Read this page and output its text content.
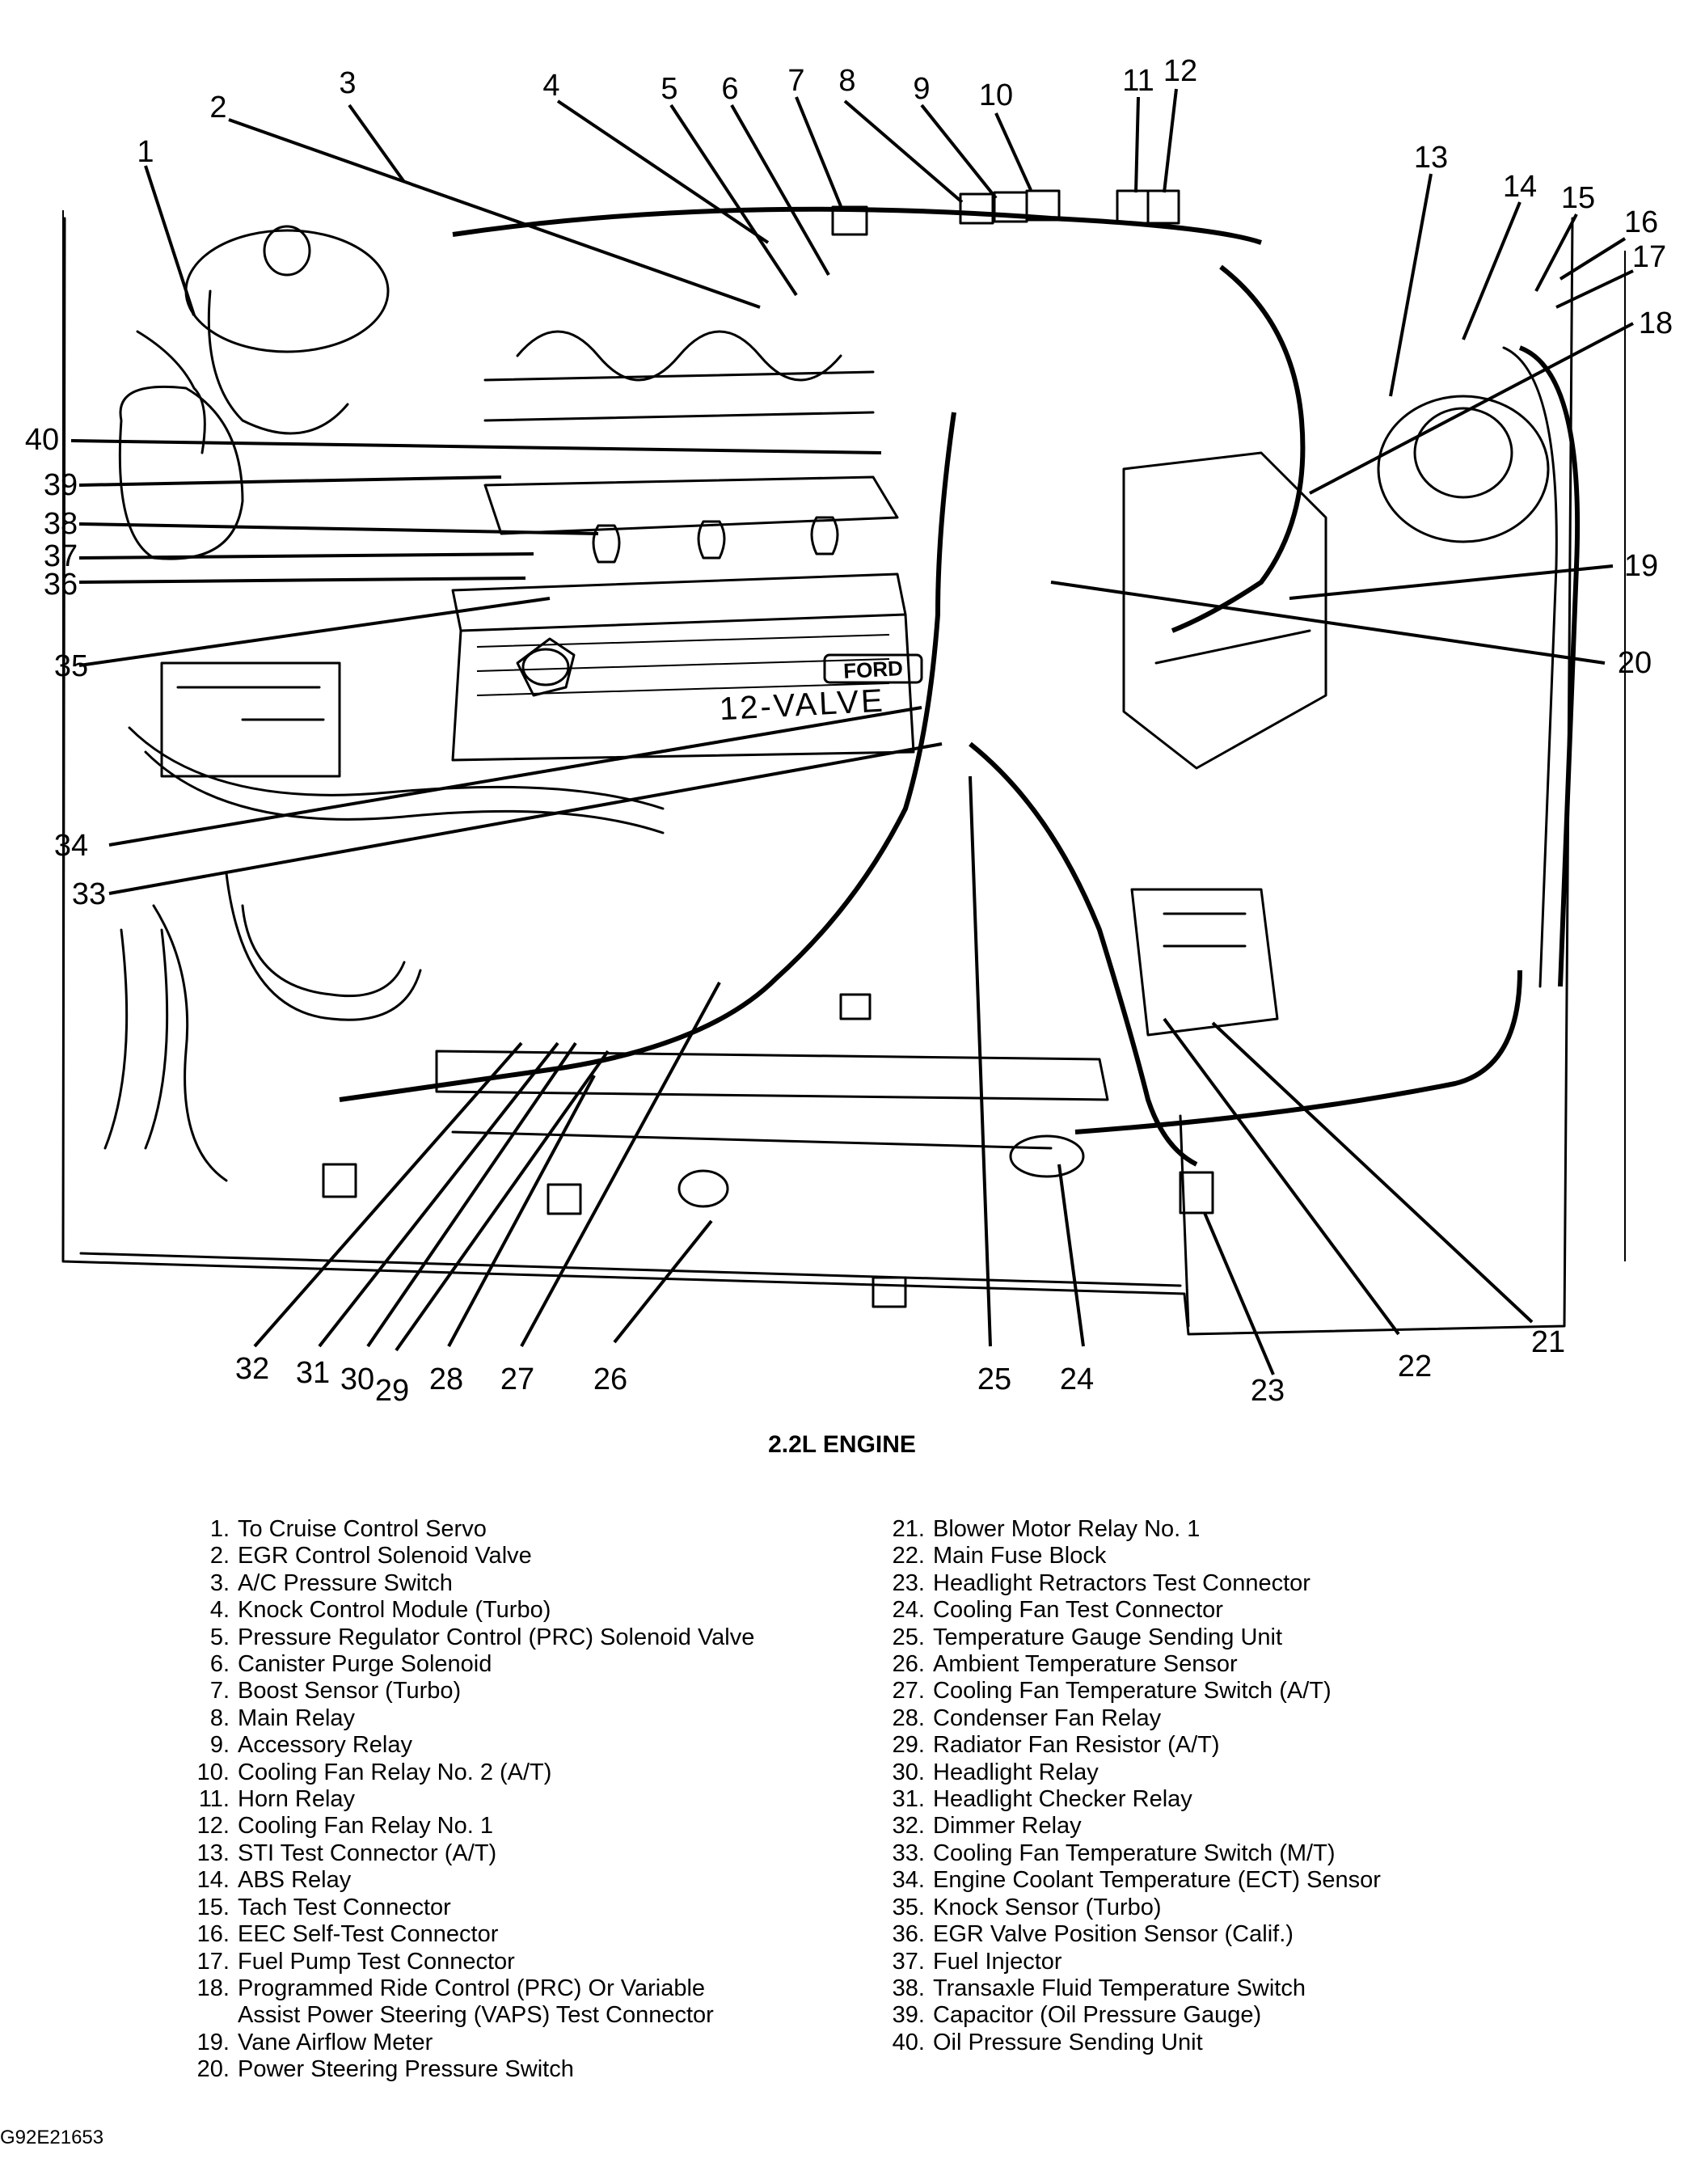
FORD
12-VALVE
1
2
3	4	5 6 7 8 9 10	11 12
13
14 15
16
17
18
19
20
21
22
23
24
25
26
27
28
29
30
31
32
33
34
35
36
37
38
39
40
2.2L ENGINE
1. To Cruise Control Servo
2. EGR Control Solenoid Valve
3. A/C Pressure Switch
4. Knock Control Module (Turbo)
5. Pressure Regulator Control (PRC) Solenoid Valve
6. Canister Purge Solenoid
7. Boost Sensor (Turbo)
8. Main Relay
9. Accessory Relay
10. Cooling Fan Relay No. 2 (A/T)
11. Horn Relay
12. Cooling Fan Relay No. 1
13. STI Test Connector (A/T)
14. ABS Relay
15. Tach Test Connector
16. EEC Self-Test Connector
17. Fuel Pump Test Connector
18. Programmed Ride Control (PRC) Or Variable
Assist Power Steering (VAPS) Test Connector
19. Vane Airflow Meter
20. Power Steering Pressure Switch
21. Blower Motor Relay No. 1
22. Main Fuse Block
23. Headlight Retractors Test Connector
24. Cooling Fan Test Connector
25. Temperature Gauge Sending Unit
26. Ambient Temperature Sensor
27. Cooling Fan Temperature Switch (A/T)
28. Condenser Fan Relay
29. Radiator Fan Resistor (A/T)
30. Headlight Relay
31. Headlight Checker Relay
32. Dimmer Relay
33. Cooling Fan Temperature Switch (M/T)
34. Engine Coolant Temperature (ECT) Sensor
35. Knock Sensor (Turbo)
36. EGR Valve Position Sensor (Calif.)
37. Fuel Injector
38. Transaxle Fluid Temperature Switch
39. Capacitor (Oil Pressure Gauge)
40. Oil Pressure Sending Unit
G92E21653
